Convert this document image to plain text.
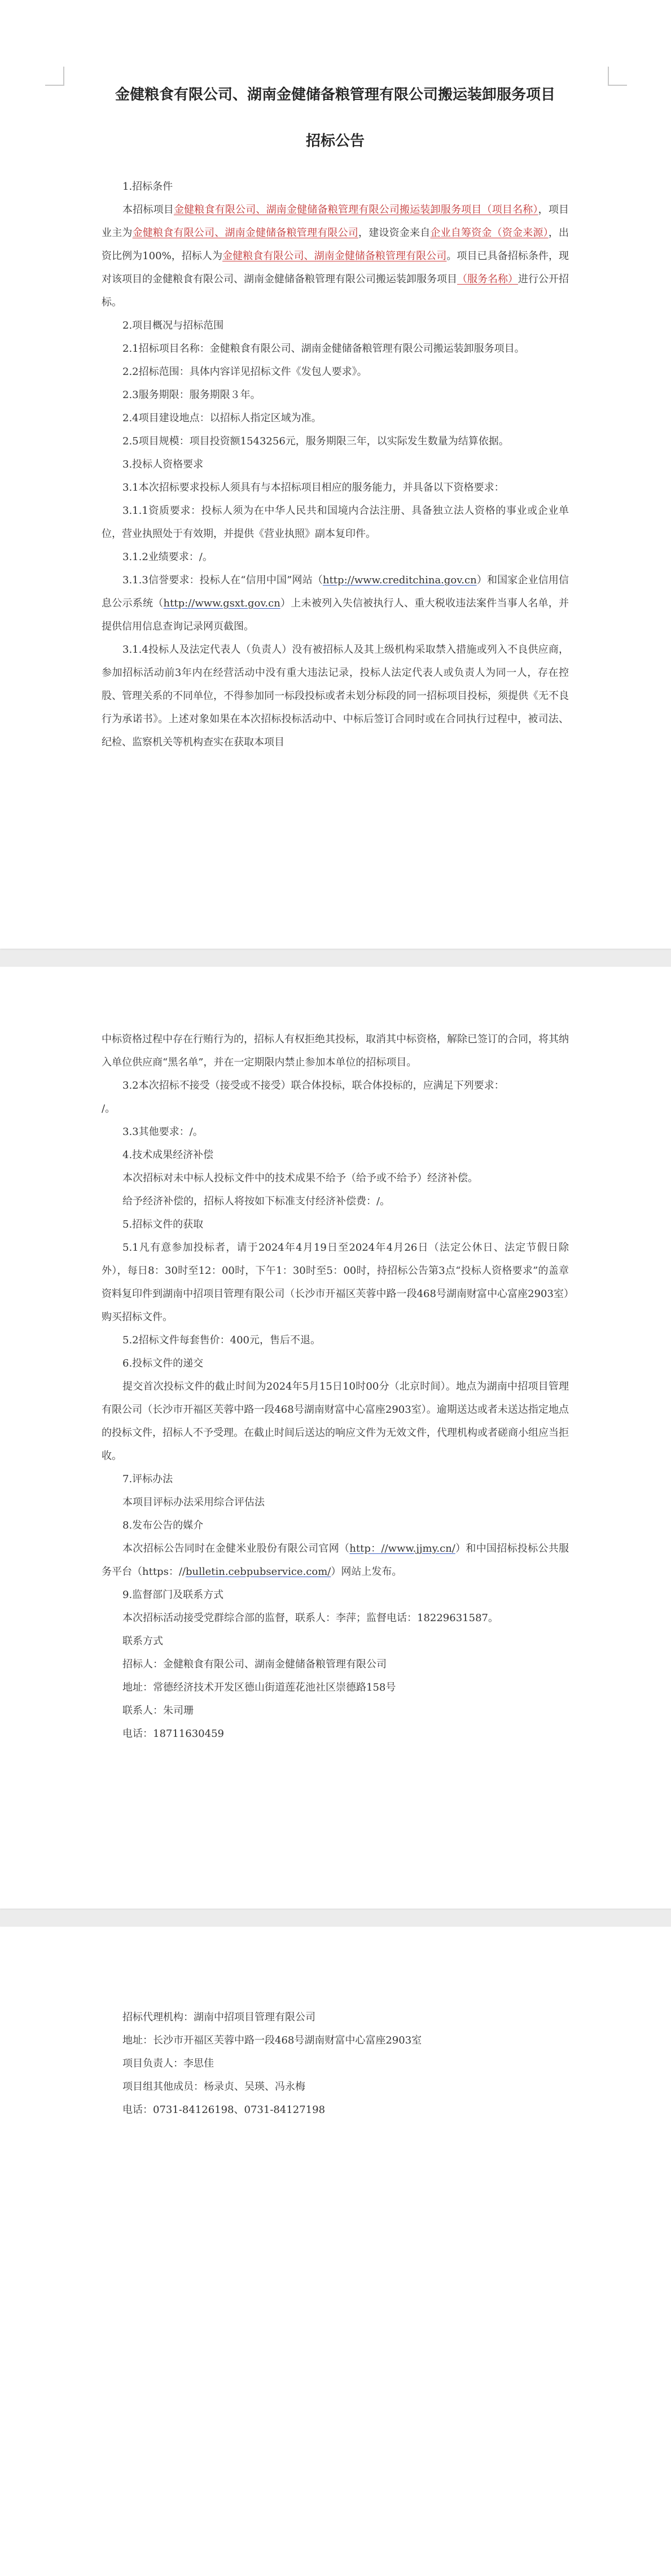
金健粮食有限公司、湖南金健储备粮管理有限公司搬运装卸服务项目

招标公告

1.招标条件

本招标项目金健粮食有限公司、湖南金健储备粮管理有限公司搬运装卸服务项目（项目名称），项目业主为金健粮食有限公司、湖南金健储备粮管理有限公司，建设资金来自企业自筹资金（资金来源），出资比例为100%，招标人为金健粮食有限公司、湖南金健储备粮管理有限公司。项目已具备招标条件，现对该项目的金健粮食有限公司、湖南金健储备粮管理有限公司搬运装卸服务项目（服务名称）进行公开招标。

2.项目概况与招标范围

2.1招标项目名称：金健粮食有限公司、湖南金健储备粮管理有限公司搬运装卸服务项目。

2.2招标范围：具体内容详见招标文件《发包人要求》。

2.3服务期限：服务期限３年。

2.4项目建设地点：以招标人指定区域为准。

2.5项目规模：项目投资额1543256元，服务期限三年，以实际发生数量为结算依据。

3.投标人资格要求

3.1本次招标要求投标人须具有与本招标项目相应的服务能力，并具备以下资格要求：

3.1.1资质要求：投标人须为在中华人民共和国境内合法注册、具备独立法人资格的事业或企业单位，营业执照处于有效期，并提供《营业执照》副本复印件。

3.1.2业绩要求：/。

3.1.3信誉要求：投标人在“信用中国”网站（http://www.creditchina.gov.cn）和国家企业信用信息公示系统（http://www.gsxt.gov.cn）上未被列入失信被执行人、重大税收违法案件当事人名单，并提供信用信息查询记录网页截图。

3.1.4投标人及法定代表人（负责人）没有被招标人及其上级机构采取禁入措施或列入不良供应商，参加招标活动前3年内在经营活动中没有重大违法记录，投标人法定代表人或负责人为同一人，存在控股、管理关系的不同单位，不得参加同一标段投标或者未划分标段的同一招标项目投标，须提供《无不良行为承诺书》。上述对象如果在本次招标投标活动中、中标后签订合同时或在合同执行过程中，被司法、纪检、监察机关等机构查实在获取本项目

中标资格过程中存在行贿行为的，招标人有权拒绝其投标，取消其中标资格，解除已签订的合同，将其纳入单位供应商“黑名单”，并在一定期限内禁止参加本单位的招标项目。

3.2本次招标不接受（接受或不接受）联合体投标，联合体投标的，应满足下列要求：

/。

3.3其他要求：/。

4.技术成果经济补偿

本次招标对未中标人投标文件中的技术成果不给予（给予或不给予）经济补偿。

给予经济补偿的，招标人将按如下标准支付经济补偿费：/。

5.招标文件的获取

5.1凡有意参加投标者，请于2024年4月19日至2024年4月26日（法定公休日、法定节假日除外），每日8：30时至12：00时，下午1：30时至5：00时，持招标公告第3点“投标人资格要求”的盖章资料复印件到湖南中招项目管理有限公司（长沙市开福区芙蓉中路一段468号湖南财富中心富座2903室）购买招标文件。

5.2招标文件每套售价：400元，售后不退。

6.投标文件的递交

提交首次投标文件的截止时间为2024年5月15日10时00分（北京时间）。地点为湖南中招项目管理有限公司（长沙市开福区芙蓉中路一段468号湖南财富中心富座2903室）。逾期送达或者未送达指定地点的投标文件，招标人不予受理。在截止时间后送达的响应文件为无效文件，代理机构或者磋商小组应当拒收。

7.评标办法

本项目评标办法采用综合评估法

8.发布公告的媒介

本次招标公告同时在金健米业股份有限公司官网（http：//www.jjmy.cn/）和中国招标投标公共服务平台（https：//bulletin.cebpubservice.com/）网站上发布。

9.监督部门及联系方式

本次招标活动接受党群综合部的监督，联系人：李萍；监督电话：18229631587。

联系方式

招标人：金健粮食有限公司、湖南金健储备粮管理有限公司

地址：常德经济技术开发区德山街道莲花池社区崇德路158号

联系人：朱司珊

电话：18711630459

招标代理机构：湖南中招项目管理有限公司

地址：长沙市开福区芙蓉中路一段468号湖南财富中心富座2903室

项目负责人：李思佳

项目组其他成员：杨录贞、吴瑛、冯永梅

电话：0731-84126198、0731-84127198
